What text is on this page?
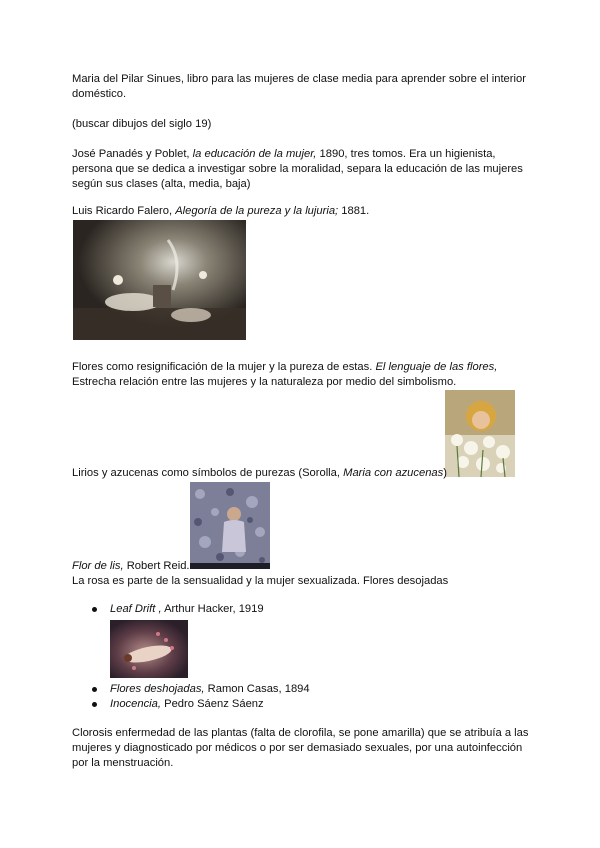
Maria del Pilar Sinues, libro para las mujeres de clase media para aprender sobre el interior doméstico.

(buscar dibujos del siglo 19)

José Panadés y Poblet, la educación de la mujer, 1890, tres tomos. Era un higienista, persona que se dedica a investigar sobre la moralidad, separa la educación de las mujeres según sus clases (alta, media, baja)

Luis Ricardo Falero, Alegoría de la pureza y la lujuria; 1881.

Flores como resignificación de la mujer y la pureza de estas. El lenguaje de las flores, Estrecha relación entre las mujeres y la naturaleza por medio del simbolismo.

Lirios y azucenas como símbolos de purezas (Sorolla, Maria con azucenas)

Flor de lis, Robert Reid.

La rosa es parte de la sensualidad y la mujer sexualizada. Flores desojadas

Leaf Drift , Arthur Hacker, 1919
Flores deshojadas, Ramon Casas, 1894
Inocencia, Pedro Sáenz Sáenz

Clorosis enfermedad de las plantas (falta de clorofila, se pone amarilla) que se atribuía a las mujeres y diagnosticado por médicos o por ser demasiado sexuales, por una autoinfección por la menstruación.
